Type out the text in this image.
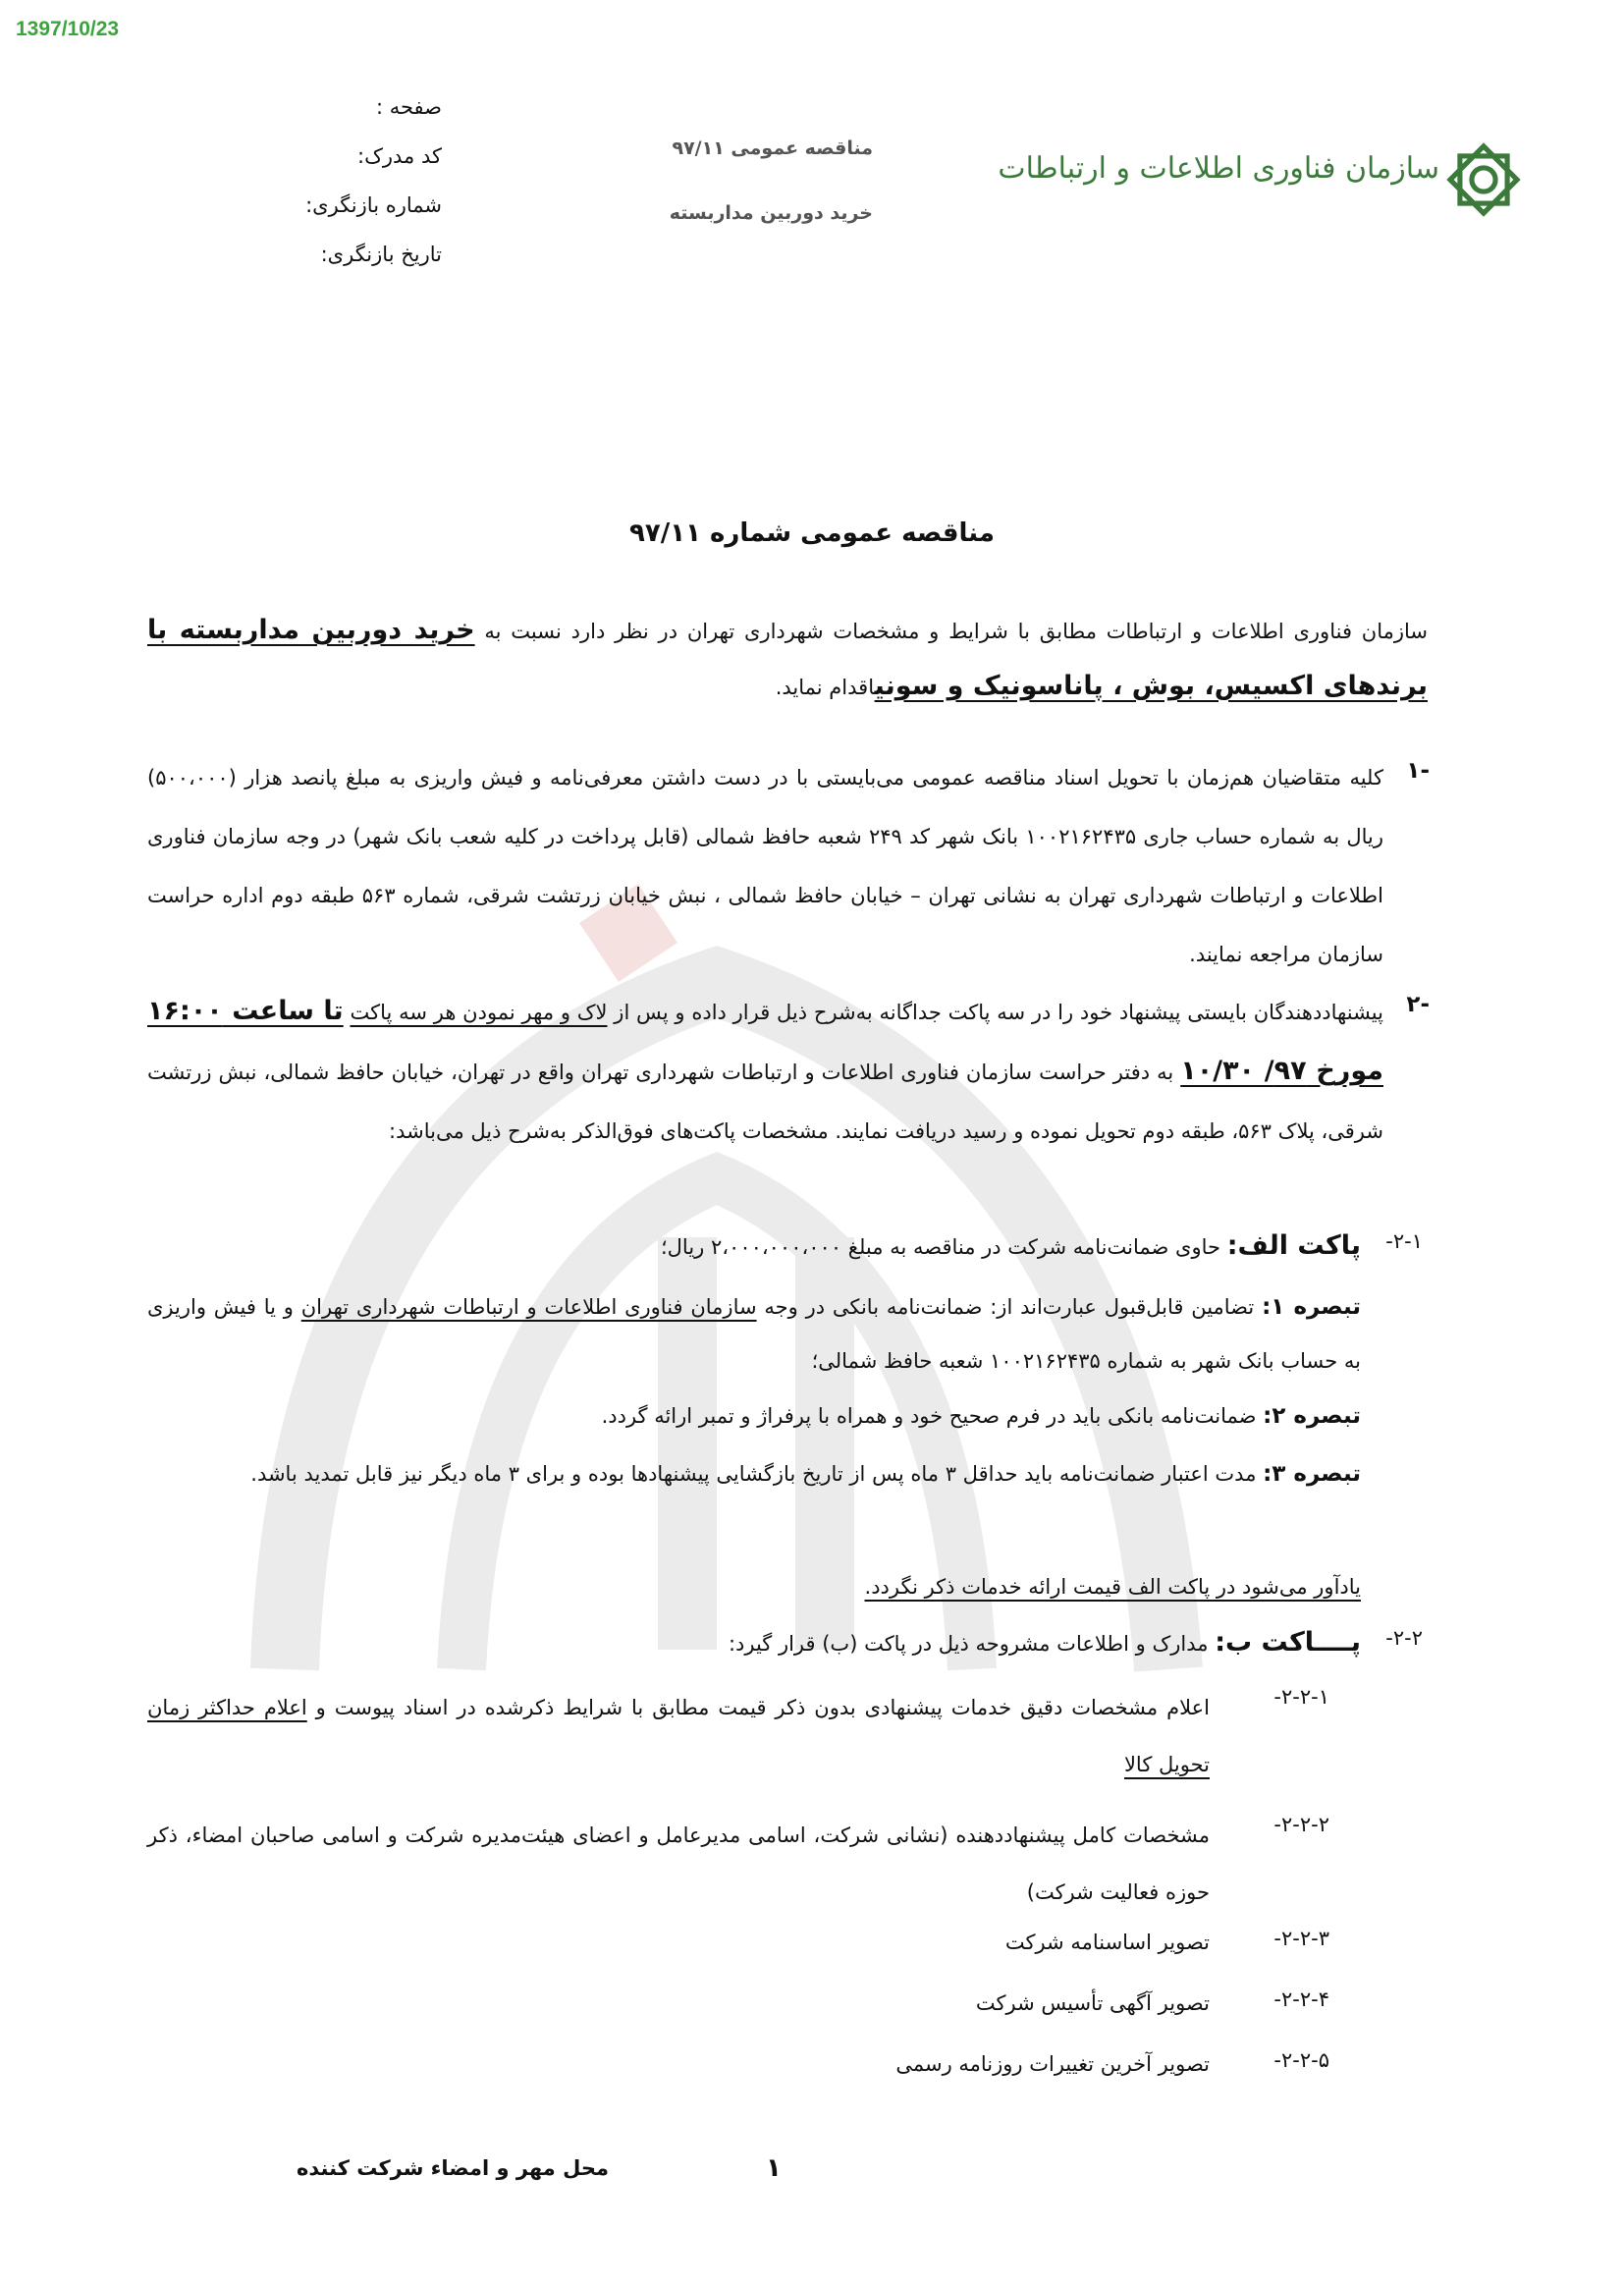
1397/10/23
سازمان فناوری اطلاعات و ارتباطات
مناقصه عمومی ۹۷/۱۱
خرید دوربین مداربسته
صفحه :
کد مدرک:
شماره بازنگری:
تاریخ بازنگری:
مناقصه عمومی شماره ۹۷/۱۱
سازمان فناوری اطلاعات و ارتباطات مطابق با شرایط و مشخصات شهرداری تهران در نظر دارد نسبت به خرید دوربین مداربسته با برندهای اکسیس، بوش ، پاناسونیک و سونیاقدام نماید.
۱-
کلیه متقاضیان هم‌زمان با تحویل اسناد مناقصه عمومی می‌بایستی با در دست داشتن معرفی‌نامه و فیش واریزی به مبلغ پانصد هزار (۵۰۰،۰۰۰) ریال به شماره حساب جاری ۱۰۰۲۱۶۲۴۳۵ بانک شهر کد ۲۴۹ شعبه حافظ شمالی (قابل پرداخت در کلیه شعب بانک شهر) در وجه سازمان فناوری اطلاعات و ارتباطات شهرداری تهران به نشانی تهران – خیابان حافظ شمالی ، نبش خیابان زرتشت شرقی، شماره ۵۶۳ طبقه دوم اداره حراست سازمان مراجعه نمایند.
۲-
پیشنهاددهندگان بایستی پیشنهاد خود را در سه پاکت جداگانه به‌شرح ذیل قرار داده و پس از لاک و مهر نمودن هر سه پاکت تا ساعت ۱۶:۰۰ مورخ ۹۷/ ۱۰/۳۰ به دفتر حراست سازمان فناوری اطلاعات و ارتباطات شهرداری تهران واقع در تهران، خیابان حافظ شمالی، نبش زرتشت شرقی، پلاک ۵۶۳، طبقه دوم تحویل نموده و رسید دریافت نمایند. مشخصات پاکت‌های فوق‌الذکر به‌شرح ذیل می‌باشد:
۲-۱-
پاکت الف: حاوی ضمانت‌نامه شرکت در مناقصه به مبلغ ۲،۰۰۰،۰۰۰،۰۰۰ ریال؛
تبصره ۱: تضامین قابل‌قبول عبارت‌اند از: ضمانت‌نامه بانکی در وجه سازمان فناوری اطلاعات و ارتباطات شهرداری تهران و یا فیش واریزی به حساب بانک شهر به شماره ۱۰۰۲۱۶۲۴۳۵ شعبه حافظ شمالی؛
تبصره ۲: ضمانت‌نامه بانکی باید در فرم صحیح خود و همراه با پرفراژ و تمبر ارائه گردد.
تبصره ۳: مدت اعتبار ضمانت‌نامه باید حداقل ۳ ماه پس از تاریخ بازگشایی پیشنهادها بوده و برای ۳ ماه دیگر نیز قابل تمدید باشد.
یادآور می‌شود در پاکت الف قیمت ارائه خدمات ذکر نگردد.
۲-۲-
پــــاکت ب: مدارک و اطلاعات مشروحه ذیل در پاکت (ب) قرار گیرد:
۲-۲-۱-
اعلام مشخصات دقیق خدمات پیشنهادی بدون ذکر قیمت مطابق با شرایط ذکرشده در اسناد پیوست و اعلام حداکثر زمان تحویل کالا
۲-۲-۲-
مشخصات کامل پیشنهاددهنده (نشانی شرکت، اسامی مدیرعامل و اعضای هیئت‌مدیره شرکت و اسامی صاحبان امضاء، ذکر حوزه فعالیت شرکت)
۲-۲-۳-
تصویر اساسنامه شرکت
۲-۲-۴-
تصویر آگهی تأسیس شرکت
۲-۲-۵-
تصویر آخرین تغییرات روزنامه رسمی
۱
محل مهر و امضاء شرکت کننده
